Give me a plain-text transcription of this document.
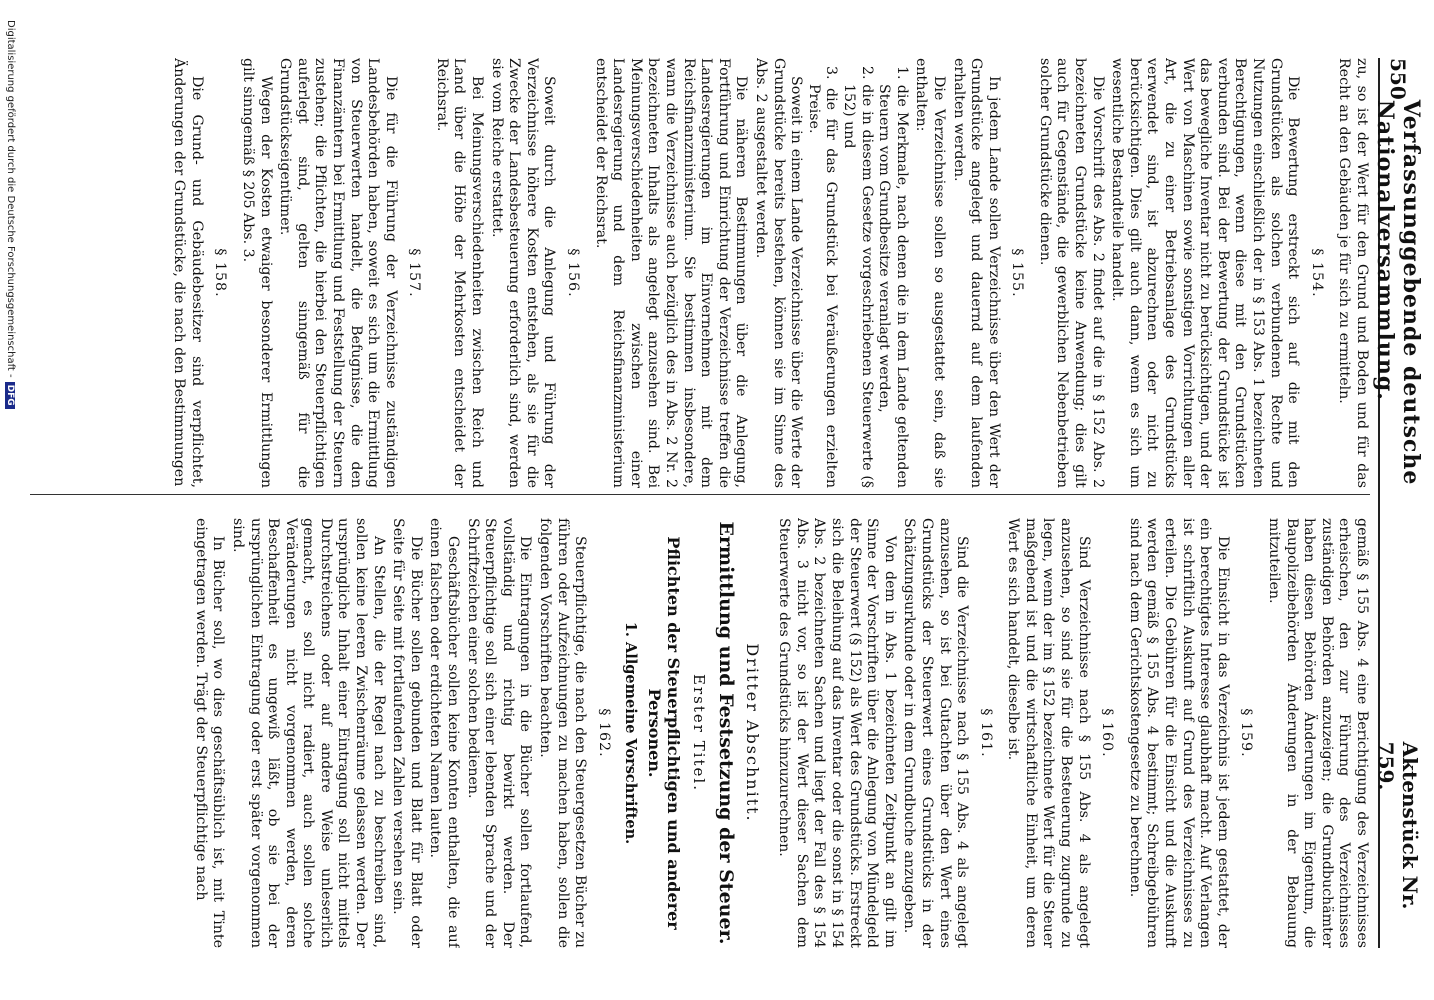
550
Verfassunggebende deutsche Nationalversammlung.
Aktenstück Nr. 759.

zu, so ist der Wert für den Grund und Boden und für das Recht an den Gebäuden je für sich zu ermitteln.

§ 154.

Die Bewertung erstreckt sich auf die mit den Grundstücken als solchen verbundenen Rechte und Nutzungen einschließlich der in § 153 Abs. 1 bezeichneten Berechtigungen, wenn diese mit den Grundstücken verbunden sind. Bei der Bewertung der Grundstücke ist das bewegliche Inventar nicht zu berücksichtigen, und der Wert von Maschinen sowie sonstigen Vorrichtungen aller Art, die zu einer Betriebsanlage des Grundstücks verwendet sind, ist abzurechnen oder nicht zu berücksichtigen. Dies gilt auch dann, wenn es sich um wesentliche Bestandteile handelt.

Die Vorschrift des Abs. 2 findet auf die in § 152 Abs. 2 bezeichneten Grundstücke keine Anwendung; dies gilt auch für Gegenstände, die gewerblichen Nebenbetrieben solcher Grundstücke dienen.

§ 155.

In jedem Lande sollen Verzeichnisse über den Wert der Grundstücke angelegt und dauernd auf dem laufenden erhalten werden.

Die Verzeichnisse sollen so ausgestattet sein, daß sie enthalten:

1. die Merkmale, nach denen die in dem Lande geltenden Steuern vom Grundbesitze veranlagt werden,

2. die in diesem Gesetze vorgeschriebenen Steuerwerte (§ 152) und

3. die für das Grundstück bei Veräußerungen erzielten Preise.

Soweit in einem Lande Verzeichnisse über die Werte der Grundstücke bereits bestehen, können sie im Sinne des Abs. 2 ausgestaltet werden.

Die näheren Bestimmungen über die Anlegung, Fortführung und Einrichtung der Verzeichnisse treffen die Landesregierungen im Einvernehmen mit dem Reichsfinanzministerium. Sie bestimmen insbesondere, wann die Verzeichnisse auch bezüglich des in Abs. 2 Nr. 2 bezeichneten Inhalts als angelegt anzusehen sind. Bei Meinungsverschiedenheiten zwischen einer Landesregierung und dem Reichsfinanzministerium entscheidet der Reichsrat.

§ 156.

Soweit durch die Anlegung und Führung der Verzeichnisse höhere Kosten entstehen, als sie für die Zwecke der Landesbesteuerung erforderlich sind, werden sie vom Reiche erstattet.

Bei Meinungsverschiedenheiten zwischen Reich und Land über die Höhe der Mehrkosten entscheidet der Reichsrat.

§ 157.

Die für die Führung der Verzeichnisse zuständigen Landesbehörden haben, soweit es sich um die Ermittlung von Steuerwerten handelt, die Befugnisse, die den Finanzämtern bei Ermittlung und Feststellung der Steuern zustehen; die Pflichten, die hierbei den Steuerpflichtigen auferlegt sind, gelten sinngemäß für die Grundstückseigentümer.

Wegen der Kosten etwaiger besonderer Ermittlungen gilt sinngemäß § 205 Abs. 3.

§ 158.

Die Grund- und Gebäudebesitzer sind verpflichtet, Änderungen der Grundstücke, die nach den Bestimmungen

gemäß § 155 Abs. 4 eine Berichtigung des Verzeichnisses erheischen, den zur Führung des Verzeichnisses zuständigen Behörden anzuzeigen; die Grundbuchämter haben diesen Behörden Änderungen im Eigentum, die Baupolizeibehörden Änderungen in der Bebauung mitzuteilen.

§ 159.

Die Einsicht in das Verzeichnis ist jedem gestattet, der ein berechtigtes Interesse glaubhaft macht. Auf Verlangen ist schriftlich Auskunft auf Grund des Verzeichnisses zu erteilen. Die Gebühren für die Einsicht und die Auskunft werden gemäß § 155 Abs. 4 bestimmt; Schreibgebühren sind nach dem Gerichtskostengesetze zu berechnen.

§ 160.

Sind Verzeichnisse nach § 155 Abs. 4 als angelegt anzusehen, so sind sie für die Besteuerung zugrunde zu legen, wenn der im § 152 bezeichnete Wert für die Steuer maßgebend ist und die wirtschaftliche Einheit, um deren Wert es sich handelt, dieselbe ist.

§ 161.

Sind die Verzeichnisse nach § 155 Abs. 4 als angelegt anzusehen, so ist bei Gutachten über den Wert eines Grundstücks der Steuerwert eines Grundstücks in der Schätzungsurkunde oder in dem Grundbuche anzugeben.

Von dem in Abs. 1 bezeichneten Zeitpunkt an gilt im Sinne der Vorschriften über die Anlegung von Mündelgeld der Steuerwert (§ 152) als Wert des Grundstücks. Erstreckt sich die Beleihung auf das Inventar oder die sonst in § 154 Abs. 2 bezeichneten Sachen und liegt der Fall des § 154 Abs. 3 nicht vor, so ist der Wert dieser Sachen dem Steuerwerte des Grundstücks hinzuzurechnen.

Dritter Abschnitt.
Ermittlung und Festsetzung der Steuer.
Erster Titel.
Pflichten der Steuerpflichtigen und anderer Personen.
1. Allgemeine Vorschriften.
§ 162.

Steuerpflichtige, die nach den Steuergesetzen Bücher zu führen oder Aufzeichnungen zu machen haben, sollen die folgenden Vorschriften beachten.

Die Eintragungen in die Bücher sollen fortlaufend, vollständig und richtig bewirkt werden. Der Steuerpflichtige soll sich einer lebenden Sprache und der Schriftzeichen einer solchen bedienen.

Geschäftsbücher sollen keine Konten enthalten, die auf einen falschen oder erdichteten Namen lauten.

Die Bücher sollen gebunden und Blatt für Blatt oder Seite für Seite mit fortlaufenden Zahlen versehen sein.

An Stellen, die der Regel nach zu beschreiben sind, sollen keine leeren Zwischenräume gelassen werden. Der ursprüngliche Inhalt einer Eintragung soll nicht mittels Durchstreichens oder auf andere Weise unleserlich gemacht, es soll nicht radiert, auch sollen solche Veränderungen nicht vorgenommen werden, deren Beschaffenheit es ungewiß läßt, ob sie bei der ursprünglichen Eintragung oder erst später vorgenommen sind.

In Bücher soll, wo dies geschäftsüblich ist, mit Tinte eingetragen werden. Trägt der Steuerpflichtige nach

Digitalisierung gefördert durch die Deutsche Forschungsgemeinschaft -DFG
